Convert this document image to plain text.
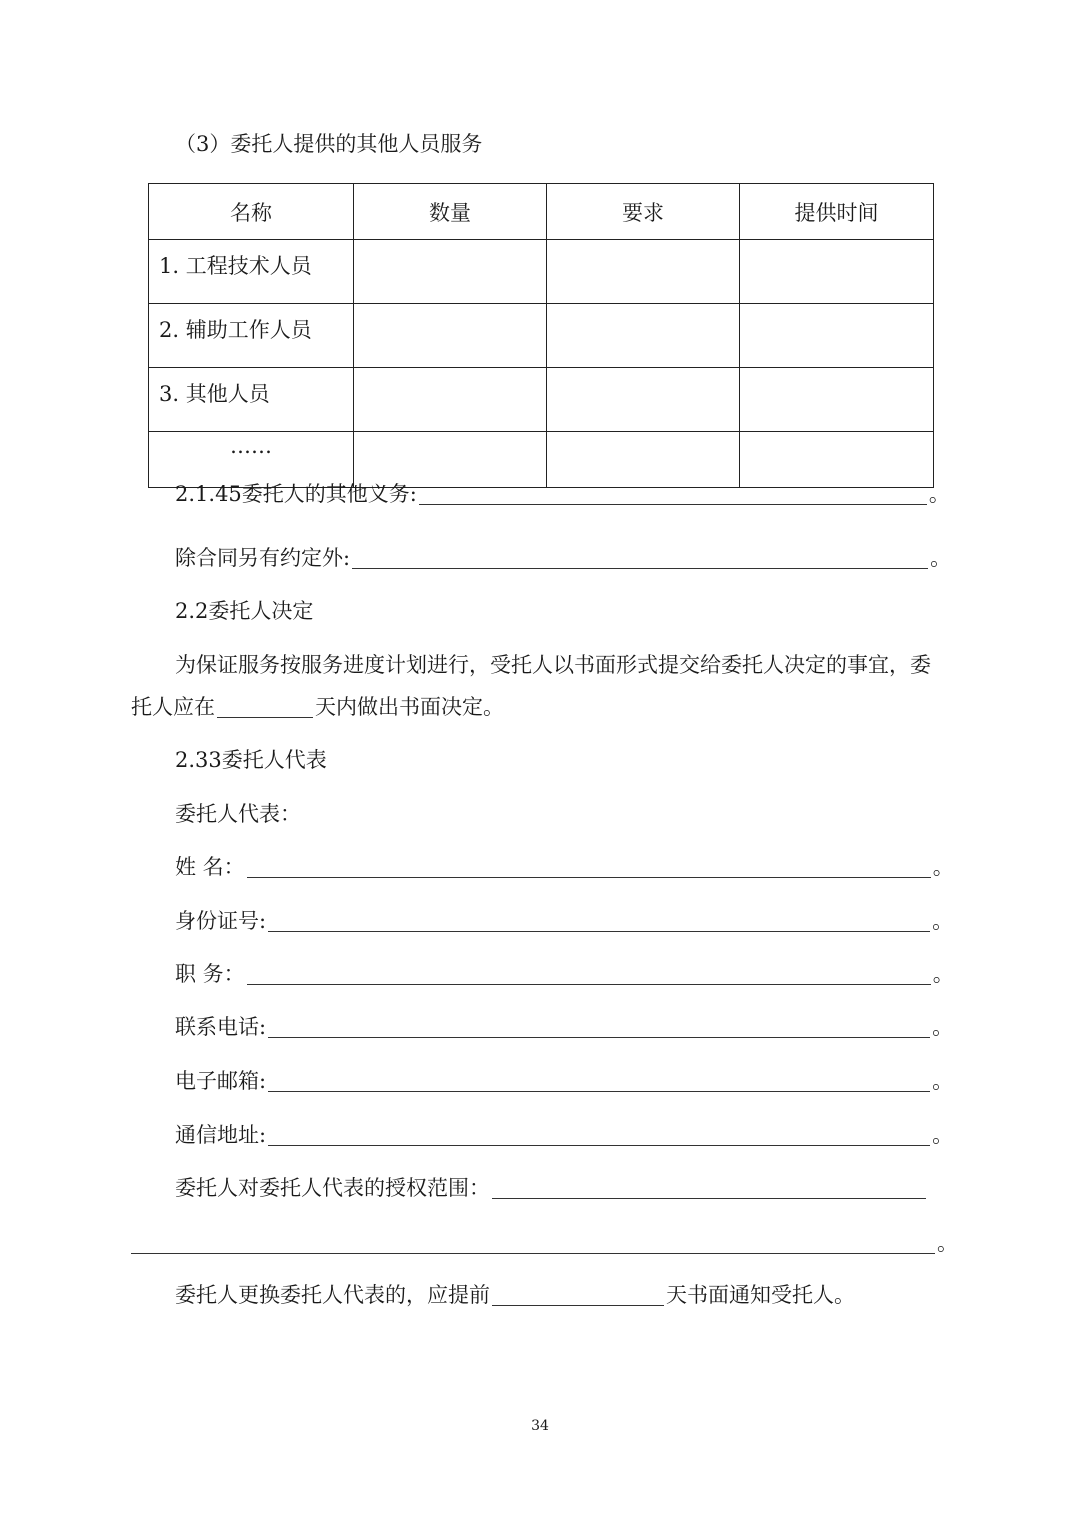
（3）委托人提供的其他人员服务
名称	数量	要求	提供时间
1. 工程技术人员			
2. 辅助工作人员			
3. 其他人员			
……			
2.1.45委托人的其他义务:	。
除合同另有约定外:	。
2.2委托人决定
为保证服务按服务进度计划进行，受托人以书面形式提交给委托人决定的事宜，委
托人应在	天内做出书面决定。
2.33委托人代表
委托人代表：
姓 名：	。
身份证号:	。
职 务：	。
联系电话:	。
电子邮箱:	。
通信地址:	。
委托人对委托人代表的授权范围：
。
委托人更换委托人代表的，应提前	天书面通知受托人。
34
